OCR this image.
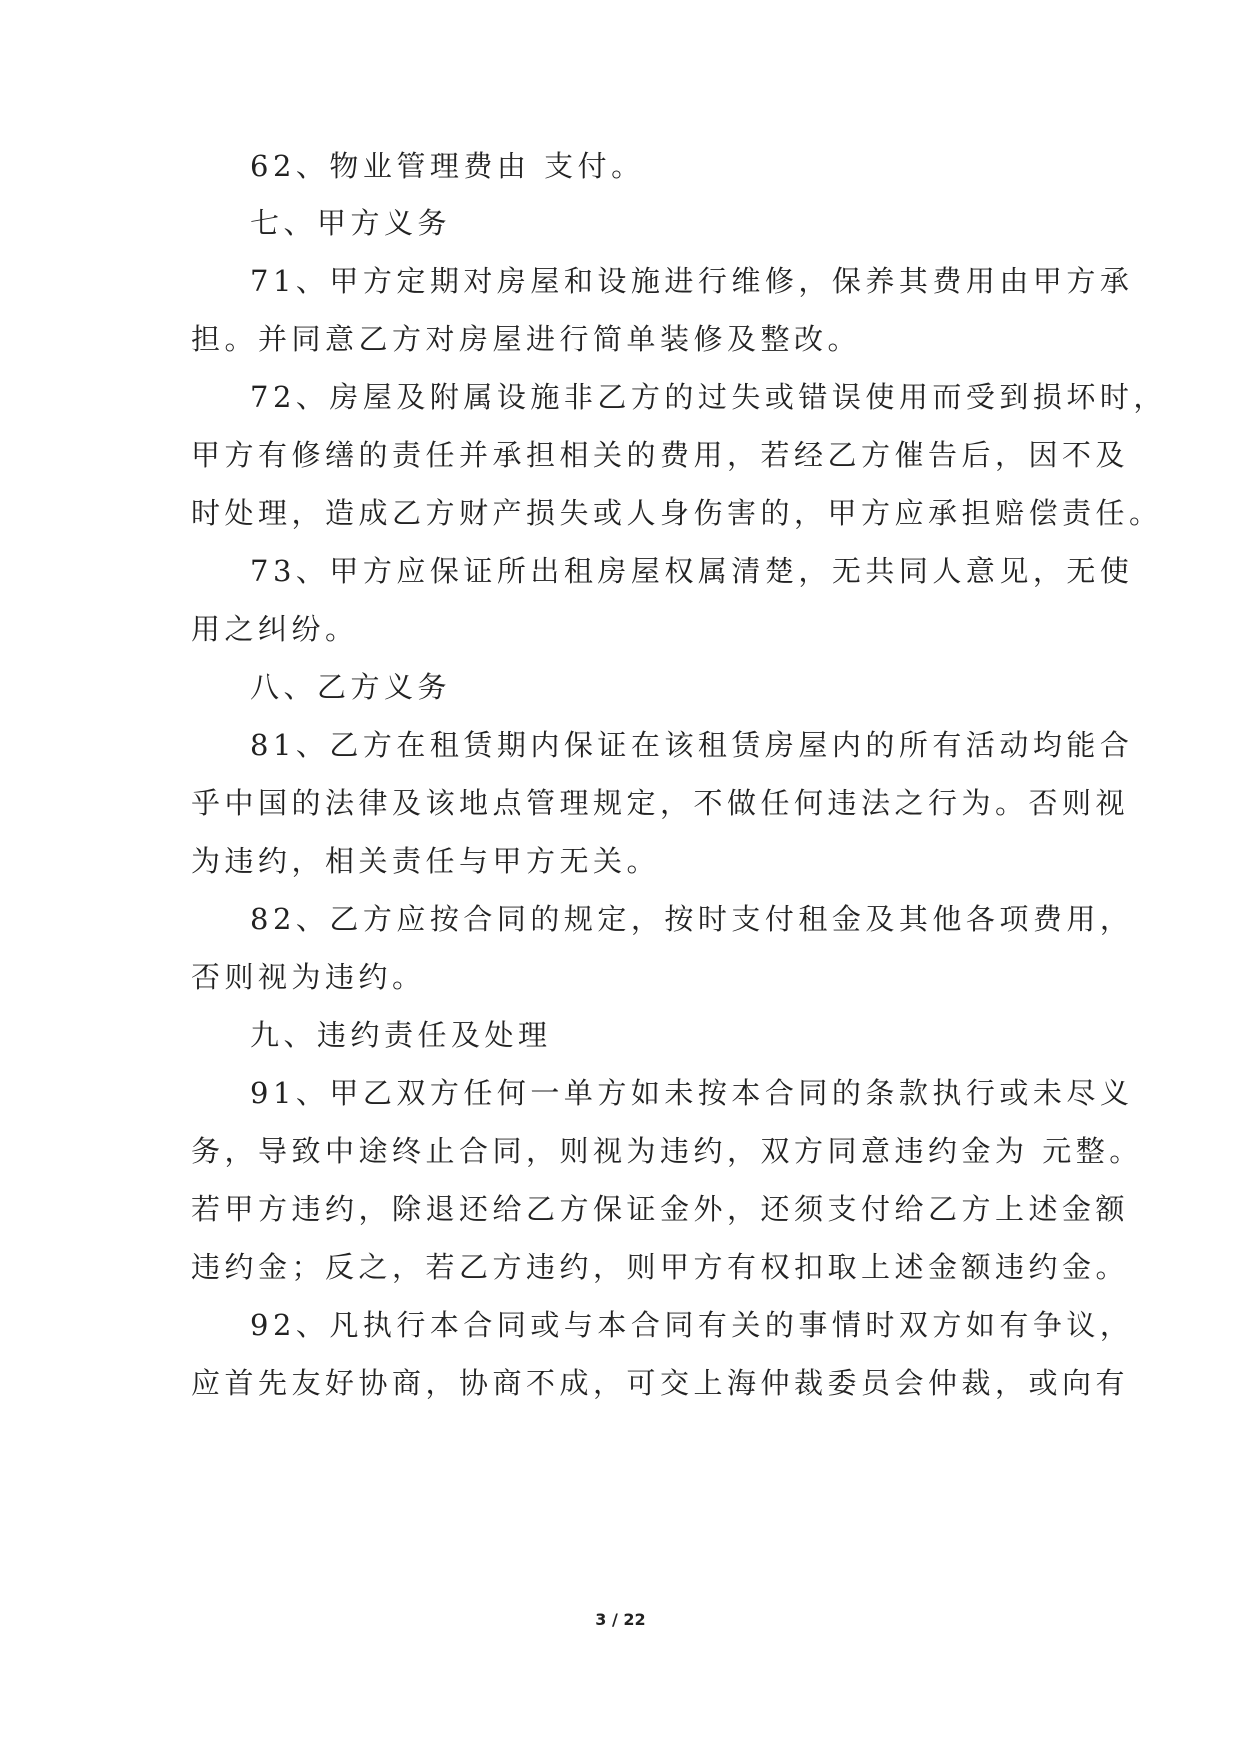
62、物业管理费由 支付。
七、甲方义务
71、甲方定期对房屋和设施进行维修，保养其费用由甲方承
担。并同意乙方对房屋进行简单装修及整改。
72、房屋及附属设施非乙方的过失或错误使用而受到损坏时，
甲方有修缮的责任并承担相关的费用，若经乙方催告后，因不及
时处理，造成乙方财产损失或人身伤害的，甲方应承担赔偿责任。
73、甲方应保证所出租房屋权属清楚，无共同人意见，无使
用之纠纷。
八、乙方义务
81、乙方在租赁期内保证在该租赁房屋内的所有活动均能合
乎中国的法律及该地点管理规定，不做任何违法之行为。否则视
为违约，相关责任与甲方无关。
82、乙方应按合同的规定，按时支付租金及其他各项费用，
否则视为违约。
九、违约责任及处理
91、甲乙双方任何一单方如未按本合同的条款执行或未尽义
务，导致中途终止合同，则视为违约，双方同意违约金为 元整。
若甲方违约，除退还给乙方保证金外，还须支付给乙方上述金额
违约金；反之，若乙方违约，则甲方有权扣取上述金额违约金。
92、凡执行本合同或与本合同有关的事情时双方如有争议，
应首先友好协商，协商不成，可交上海仲裁委员会仲裁，或向有
3 / 22
